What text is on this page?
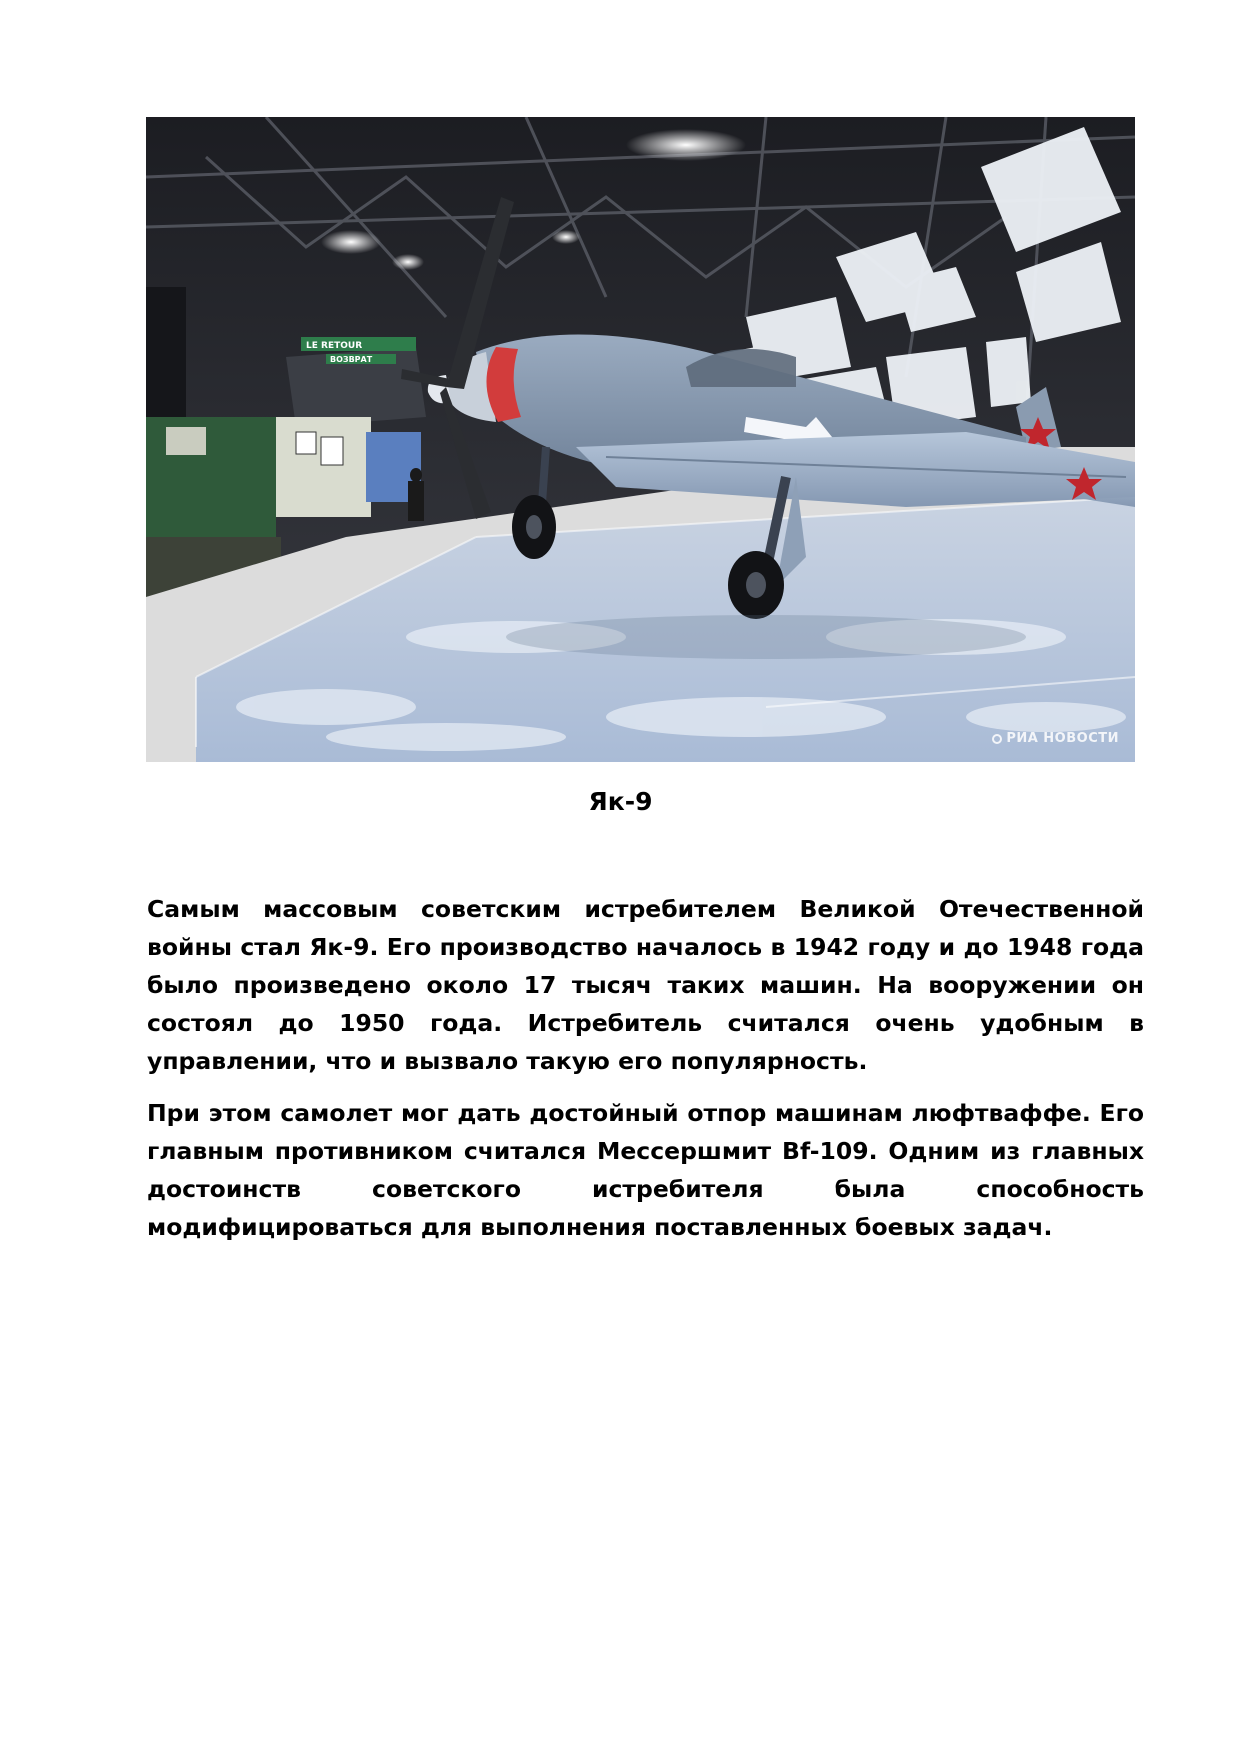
LE RETOUR
ВОЗВРАТ
РИА НОВОСТИ
Як-9

Самым массовым советским истребителем Великой Отечественной войны стал Як-9. Его производство началось в 1942 году и до 1948 года было произведено около 17 тысяч таких машин. На вооружении он состоял до 1950 года. Истребитель считался очень удобным в управлении, что и вызвало такую его популярность.

При этом самолет мог дать достойный отпор машинам люфтваффе. Его главным противником считался Мессершмит Bf-109. Одним из главных достоинств советского истребителя была способность модифицироваться для выполнения поставленных боевых задач.
